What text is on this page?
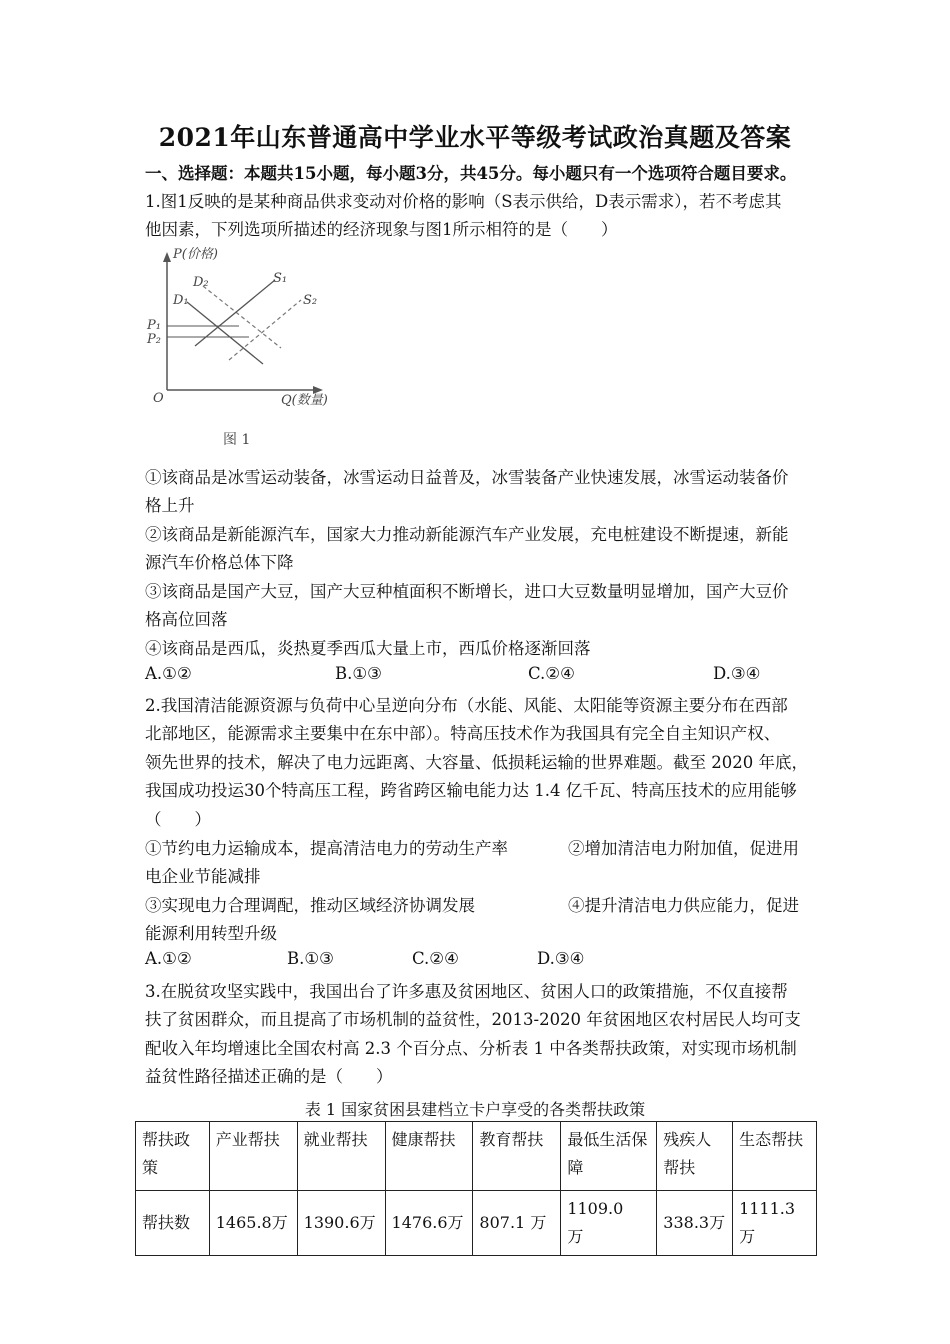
2021年山东普通高中学业水平等级考试政治真题及答案
一、选择题：本题共15小题，每小题3分，共45分。每小题只有一个选项符合题目要求。
1.图1反映的是某种商品供求变动对价格的影响（S表示供给，D表示需求），若不考虑其
他因素，下列选项所描述的经济现象与图1所示相符的是（　　）
P(价格)
Q(数量)
O
D₁
D₂	S₁
S₂
P₁
P₂
图 1
①该商品是冰雪运动装备，冰雪运动日益普及，冰雪装备产业快速发展，冰雪运动装备价
格上升
②该商品是新能源汽车，国家大力推动新能源汽车产业发展，充电桩建设不断提速，新能
源汽车价格总体下降
③该商品是国产大豆，国产大豆种植面积不断增长，进口大豆数量明显增加，国产大豆价
格高位回落
④该商品是西瓜，炎热夏季西瓜大量上市，西瓜价格逐渐回落
A.①②	B.①③	C.②④	D.③④
2.我国清洁能源资源与负荷中心呈逆向分布（水能、风能、太阳能等资源主要分布在西部
北部地区，能源需求主要集中在东中部）。特高压技术作为我国具有完全自主知识产权、
领先世界的技术，解决了电力远距离、大容量、低损耗运输的世界难题。截至 2020 年底，
我国成功投运30个特高压工程，跨省跨区输电能力达 1.4 亿千瓦、特高压技术的应用能够
（　　）
①节约电力运输成本，提高清洁电力的劳动生产率	②增加清洁电力附加值，促进用
电企业节能减排
③实现电力合理调配，推动区域经济协调发展	④提升清洁电力供应能力，促进
能源利用转型升级
A.①②	B.①③	C.②④	D.③④
3.在脱贫攻坚实践中，我国出台了许多惠及贫困地区、贫困人口的政策措施，不仅直接帮
扶了贫困群众，而且提高了市场机制的益贫性，2013-2020 年贫困地区农村居民人均可支
配收入年均增速比全国农村高 2.3 个百分点、分析表 1 中各类帮扶政策，对实现市场机制
益贫性路径描述正确的是（　　）
表 1 国家贫困县建档立卡户享受的各类帮扶政策
帮扶政策	产业帮扶	就业帮扶	健康帮扶	教育帮扶	最低生活保障	残疾人帮扶	生态帮扶
帮扶数	1465.8万	1390.6万	1476.6万	807.1 万	1109.0　万	338.3万	1111.3万
